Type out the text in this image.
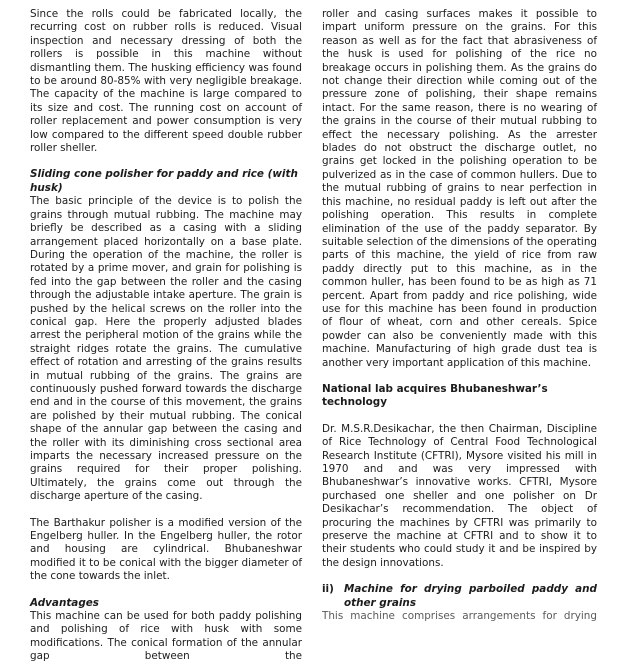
Since the rolls could be fabricated locally, the recurring cost on rubber rolls is reduced. Visual inspection and necessary dressing of both the rollers is possible in this machine without dismantling them. The husking efficiency was found to be around 80-85% with very negligible breakage. The capacity of the machine is large compared to its size and cost. The running cost on account of roller replacement and power consumption is very low compared to the different speed double rubber roller sheller.

Sliding cone polisher for paddy and rice (with husk)

The basic principle of the device is to polish the grains through mutual rubbing. The machine may briefly be described as a casing with a sliding arrangement placed horizontally on a base plate. During the operation of the machine, the roller is rotated by a prime mover, and grain for polishing is fed into the gap between the roller and the casing through the adjustable intake aperture. The grain is pushed by the helical screws on the roller into the conical gap. Here the properly adjusted blades arrest the peripheral motion of the grains while the straight ridges rotate the grains. The cumulative effect of rotation and arresting of the grains results in mutual rubbing of the grains. The grains are continuously pushed forward towards the discharge end and in the course of this movement, the grains are polished by their mutual rubbing. The conical shape of the annular gap between the casing and the roller with its diminishing cross sectional area imparts the necessary increased pressure on the grains required for their proper polishing. Ultimately, the grains come out through the discharge aperture of the casing.

The Barthakur polisher is a modified version of the Engelberg huller. In the Engelberg huller, the rotor and housing are cylindrical. Bhubaneshwar modified it to be conical with the bigger diameter of the cone towards the inlet.

Advantages

This machine can be used for both paddy polishing and polishing of rice with husk with some modifications. The conical formation of the annular gap between the

roller and casing surfaces makes it possible to impart uniform pressure on the grains. For this reason as well as for the fact that abrasiveness of the husk is used for polishing of the rice no breakage occurs in polishing them. As the grains do not change their direction while coming out of the pressure zone of polishing, their shape remains intact. For the same reason, there is no wearing of the grains in the course of their mutual rubbing to effect the necessary polishing. As the arrester blades do not obstruct the discharge outlet, no grains get locked in the polishing operation to be pulverized as in the case of common hullers. Due to the mutual rubbing of grains to near perfection in this machine, no residual paddy is left out after the polishing operation. This results in complete elimination of the use of the paddy separator. By suitable selection of the dimensions of the operating parts of this machine, the yield of rice from raw paddy directly put to this machine, as in the common huller, has been found to be as high as 71 percent. Apart from paddy and rice polishing, wide use for this machine has been found in production of flour of wheat, corn and other cereals. Spice powder can also be conveniently made with this machine. Manufacturing of high grade dust tea is another very important application of this machine.

National lab acquires Bhubaneshwar’s
technology

Dr. M.S.R.Desikachar, the then Chairman, Discipline of Rice Technology of Central Food Technological Research Institute (CFTRI), Mysore visited his mill in 1970 and and was very impressed with Bhubaneshwar’s innovative works. CFTRI, Mysore purchased one sheller and one polisher on Dr Desikachar’s recommendation. The object of procuring the machines by CFTRI was primarily to preserve the machine at CFTRI and to show it to their students who could study it and be inspired by the design innovations.

ii) Machine for drying parboiled paddy and other grains

This machine comprises arrangements for drying
